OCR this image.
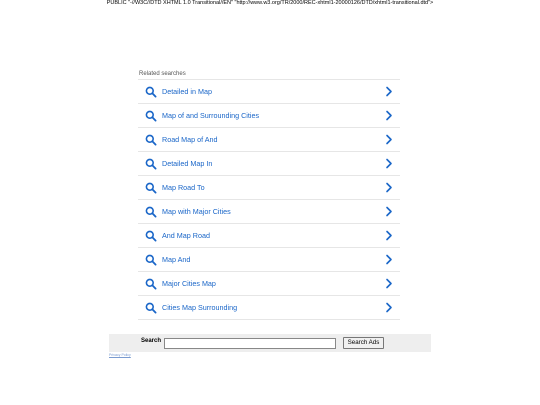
PUBLIC "-//W3C//DTD XHTML 1.0 Transitional//EN" "http://www.w3.org/TR/2000/REC-xhtml1-20000126/DTD/xhtml1-transitional.dtd">
Related searches
Detailed in Map
Map of and Surrounding Cities
Road Map of And
Detailed Map In
Map Road To
Map with Major Cities
And Map Road
Map And
Major Cities Map
Cities Map Surrounding
Search	Search Ads
Privacy Policy
